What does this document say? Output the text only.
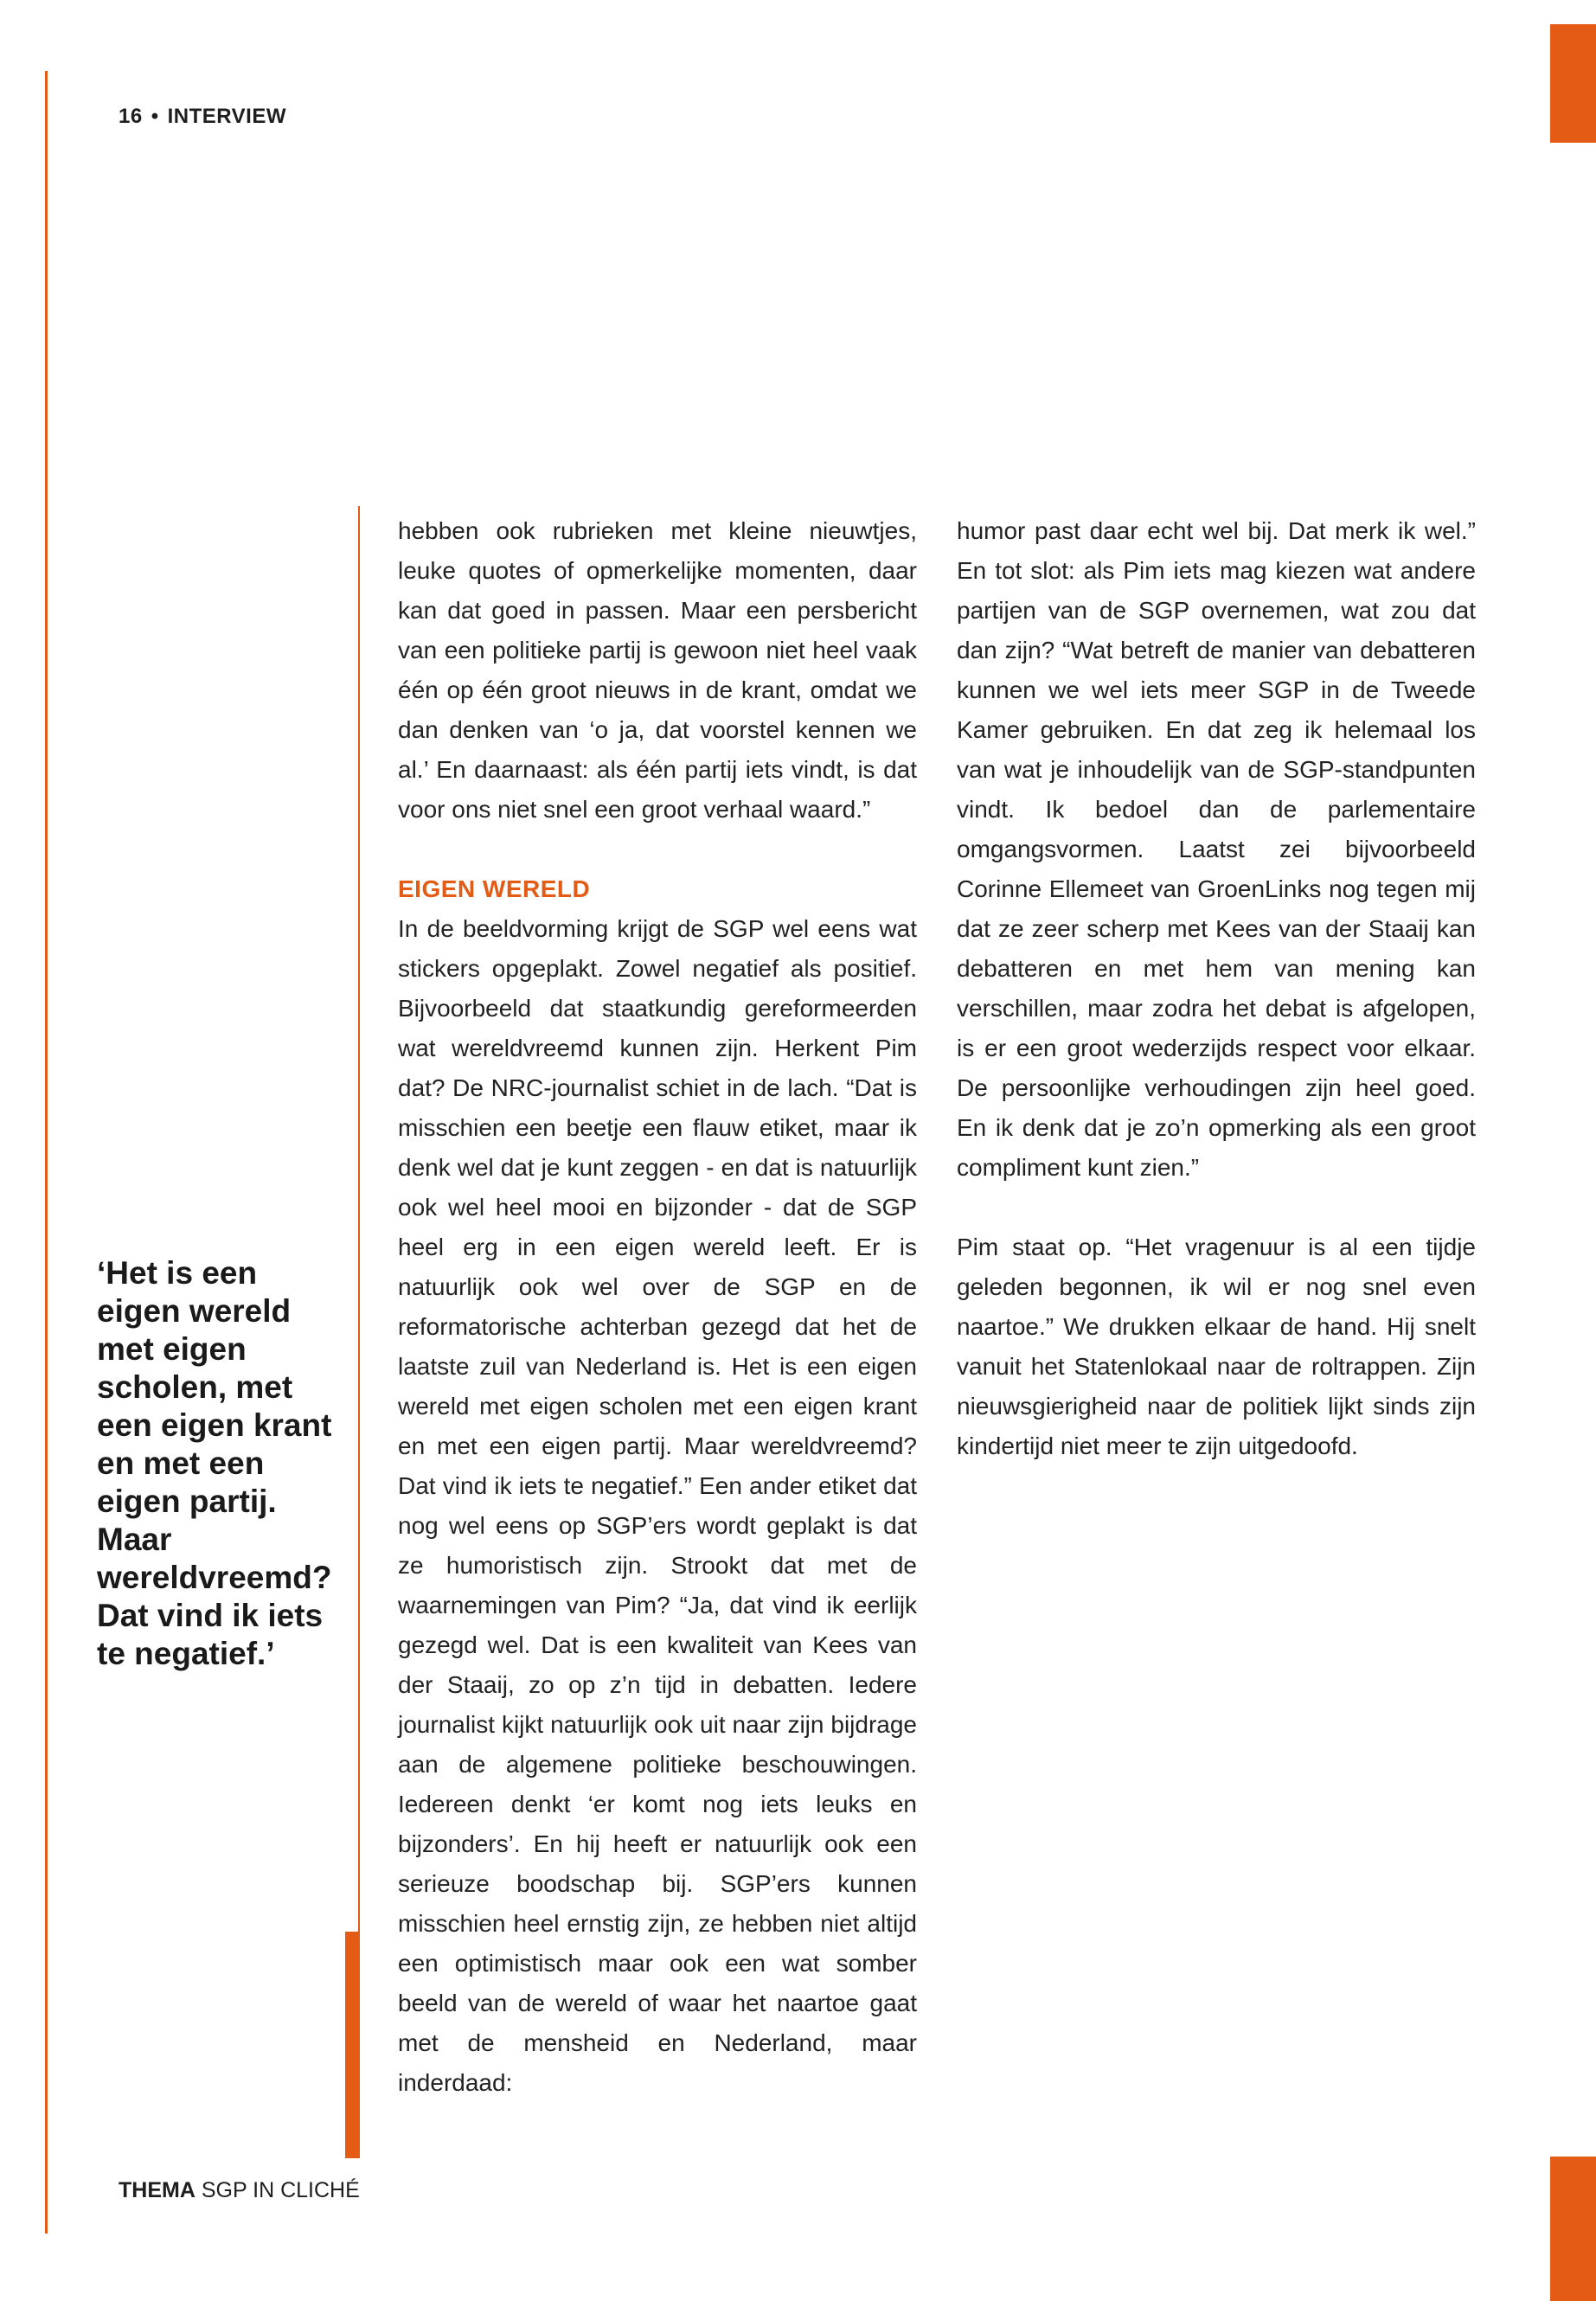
16 • INTERVIEW
‘Het is een eigen wereld met eigen scholen, met een eigen krant en met een eigen partij. Maar wereldvreemd? Dat vind ik iets te negatief.’

hebben ook rubrieken met kleine nieuwtjes, leuke quotes of opmerkelijke momenten, daar kan dat goed in passen. Maar een persbericht van een politieke partij is gewoon niet heel vaak één op één groot nieuws in de krant, omdat we dan denken van ‘o ja, dat voorstel kennen we al.’ En daarnaast: als één partij iets vindt, is dat voor ons niet snel een groot verhaal waard.”

EIGEN WERELD

In de beeldvorming krijgt de SGP wel eens wat stickers opgeplakt. Zowel negatief als positief. Bijvoorbeeld dat staatkundig gereformeerden wat wereldvreemd kunnen zijn. Herkent Pim dat? De NRC-journalist schiet in de lach. “Dat is misschien een beetje een flauw etiket, maar ik denk wel dat je kunt zeggen - en dat is natuurlijk ook wel heel mooi en bijzonder - dat de SGP heel erg in een eigen wereld leeft. Er is natuurlijk ook wel over de SGP en de reformatorische achterban gezegd dat het de laatste zuil van Nederland is. Het is een eigen wereld met eigen scholen met een eigen krant en met een eigen partij. Maar wereldvreemd? Dat vind ik iets te negatief.” Een ander etiket dat nog wel eens op SGP’ers wordt geplakt is dat ze humoristisch zijn. Strookt dat met de waarnemingen van Pim? “Ja, dat vind ik eerlijk gezegd wel. Dat is een kwaliteit van Kees van der Staaij, zo op z’n tijd in debatten. Iedere journalist kijkt natuurlijk ook uit naar zijn bijdrage aan de algemene politieke beschouwingen. Iedereen denkt ‘er komt nog iets leuks en bijzonders’. En hij heeft er natuurlijk ook een serieuze boodschap bij. SGP’ers kunnen misschien heel ernstig zijn, ze hebben niet altijd een optimistisch maar ook een wat somber beeld van de wereld of waar het naartoe gaat met de mensheid en Nederland, maar inderdaad:

humor past daar echt wel bij. Dat merk ik wel.” En tot slot: als Pim iets mag kiezen wat andere partijen van de SGP overnemen, wat zou dat dan zijn? “Wat betreft de manier van debatteren kunnen we wel iets meer SGP in de Tweede Kamer gebruiken. En dat zeg ik helemaal los van wat je inhoudelijk van de SGP-standpunten vindt. Ik bedoel dan de parlementaire omgangsvormen. Laatst zei bijvoorbeeld Corinne Ellemeet van GroenLinks nog tegen mij dat ze zeer scherp met Kees van der Staaij kan debatteren en met hem van mening kan verschillen, maar zodra het debat is afgelopen, is er een groot wederzijds respect voor elkaar. De persoonlijke verhoudingen zijn heel goed. En ik denk dat je zo’n opmerking als een groot compliment kunt zien.”

Pim staat op. “Het vragenuur is al een tijdje geleden begonnen, ik wil er nog snel even naartoe.” We drukken elkaar de hand. Hij snelt vanuit het Statenlokaal naar de roltrappen. Zijn nieuwsgierigheid naar de politiek lijkt sinds zijn kindertijd niet meer te zijn uitgedoofd.

THEMA SGP IN CLICHÉ
